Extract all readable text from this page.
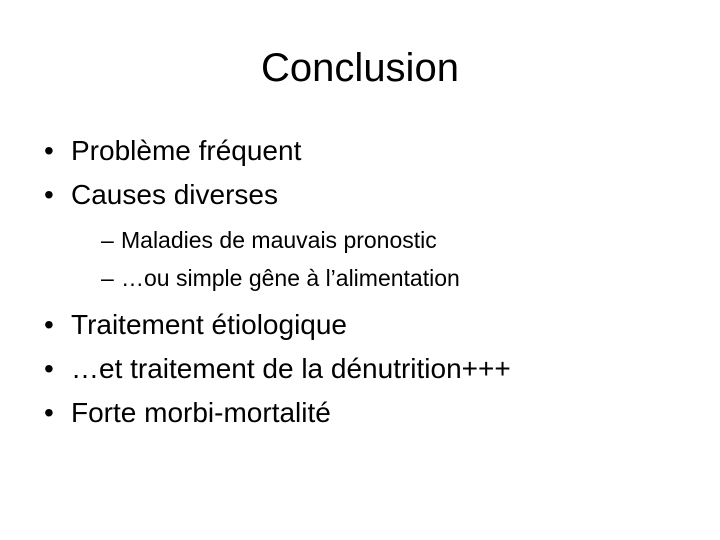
Conclusion
• Problème fréquent
• Causes diverses
– Maladies de mauvais pronostic
– …ou simple gêne à l’alimentation
• Traitement étiologique
• …et traitement de la dénutrition+++
• Forte morbi-mortalité
